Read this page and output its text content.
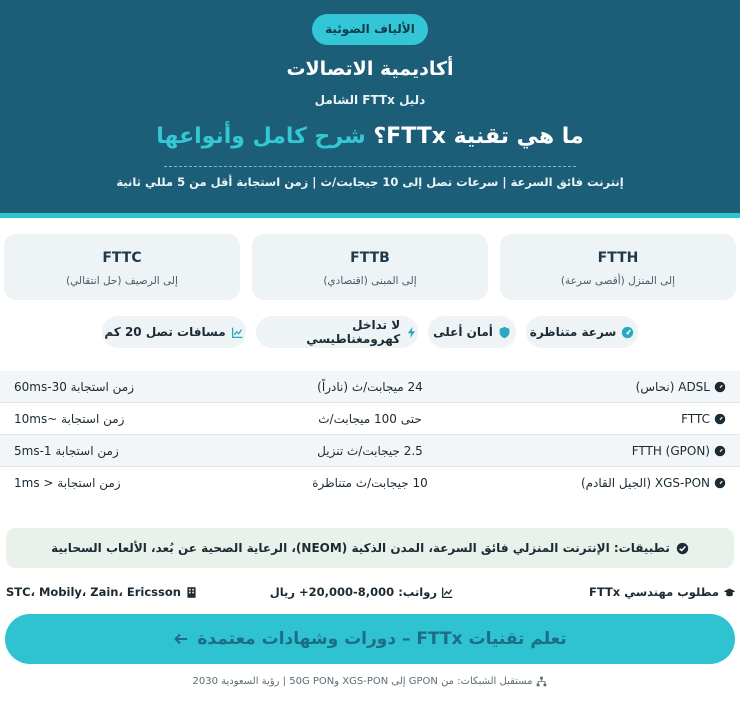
الألياف الضوئية
أكاديمية الاتصالات
دليل FTTx الشامل
ما هي تقنية FTTx؟ شرح كامل وأنواعها
إنترنت فائق السرعة | سرعات تصل إلى 10 جيجابت/ث | زمن استجابة أقل من 5 مللي ثانية
FTTH
إلى المنزل (أقصى سرعة)
FTTB
إلى المبنى (اقتصادي)
FTTC
إلى الرصيف (حل انتقالي)
سرعة متناظرة
أمان أعلى
لا تداخل كهرومغناطيسي
مسافات تصل 20 كم
ADSL (نحاس)
24 ميجابت/ث (نادراً)
زمن استجابة 30-60ms
FTTC
حتى 100 ميجابت/ث
زمن استجابة ~10ms
FTTH (GPON)
2.5 جيجابت/ث تنزيل
زمن استجابة 1-5ms
XGS-PON (الجيل القادم)
10 جيجابت/ث متناظرة
زمن استجابة < 1ms
تطبيقات: الإنترنت المنزلي فائق السرعة، المدن الذكية (NEOM)، الرعاية الصحية عن بُعد، الألعاب السحابية
مطلوب مهندسي FTTx
رواتب: 8,000-20,000+ ريال
STC، Mobily، Zain، Ericsson
تعلم تقنيات FTTx – دورات وشهادات معتمدة
مستقبل الشبكات: من GPON إلى XGS-PON و50G PON | رؤية السعودية 2030
